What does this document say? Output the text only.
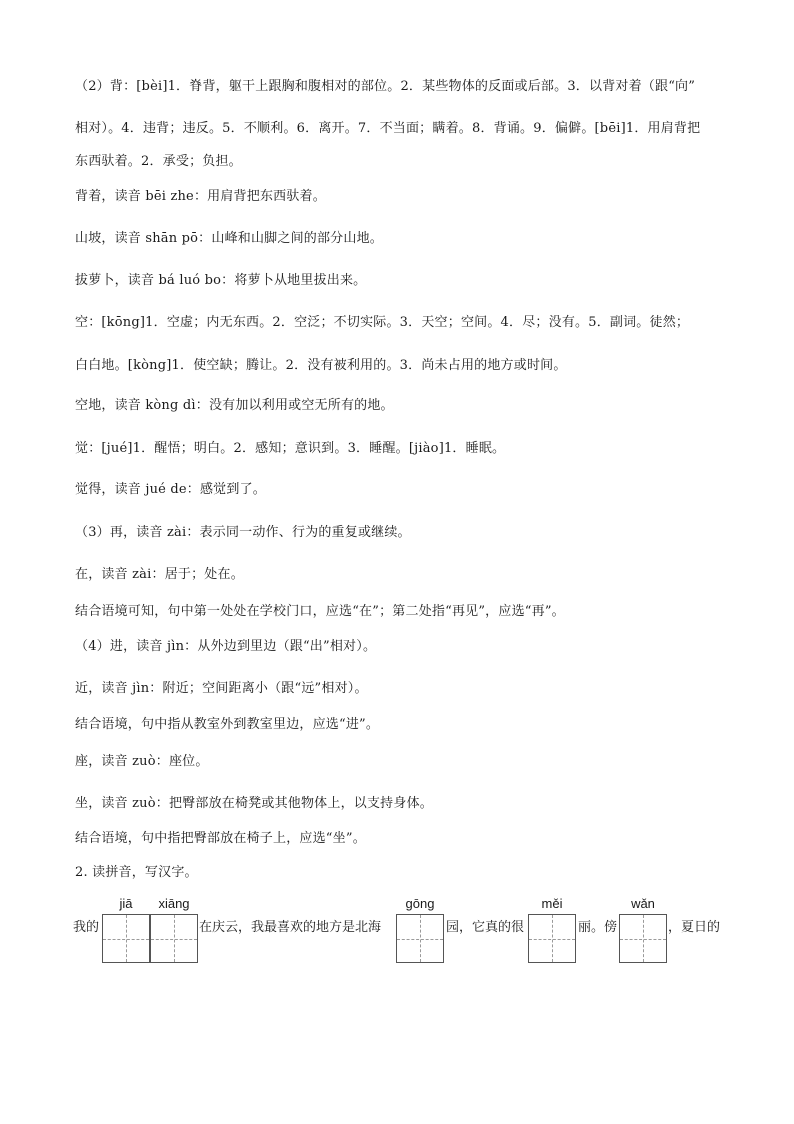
（2）背：[bèi]1．脊背，躯干上跟胸和腹相对的部位。2．某些物体的反面或后部。3．以背对着（跟“向”
相对）。4．违背；违反。5．不顺利。6．离开。7．不当面；瞒着。8．背诵。9．偏僻。[bēi]1．用肩背把
东西驮着。2．承受；负担。
背着，读音 bēi zhe：用肩背把东西驮着。
山坡，读音 shān pō：山峰和山脚之间的部分山地。
拔萝卜，读音 bá luó bo：将萝卜从地里拔出来。
空：[kōng]1．空虚；内无东西。2．空泛；不切实际。3．天空；空间。4．尽；没有。5．副词。徒然；
白白地。[kòng]1．使空缺；腾让。2．没有被利用的。3．尚未占用的地方或时间。
空地，读音 kòng dì：没有加以利用或空无所有的地。
觉：[jué]1．醒悟；明白。2．感知；意识到。3．睡醒。[jiào]1．睡眠。
觉得，读音 jué de：感觉到了。
（3）再，读音 zài：表示同一动作、行为的重复或继续。
在，读音 zài：居于；处在。
结合语境可知，句中第一处处在学校门口，应选“在”；第二处指“再见”，应选“再”。
（4）进，读音 jìn：从外边到里边（跟“出”相对）。
近，读音 jìn：附近；空间距离小（跟“远”相对）。
结合语境，句中指从教室外到教室里边，应选“进”。
座，读音 zuò：座位。
坐，读音 zuò：把臀部放在椅凳或其他物体上，以支持身体。
结合语境，句中指把臀部放在椅子上，应选“坐”。
2. 读拼音，写汉字。
jiā	xiāng	gōng	měi	wǎn
我的	在庆云，我最喜欢的地方是北海	园，它真的很	丽。傍	，夏日的
